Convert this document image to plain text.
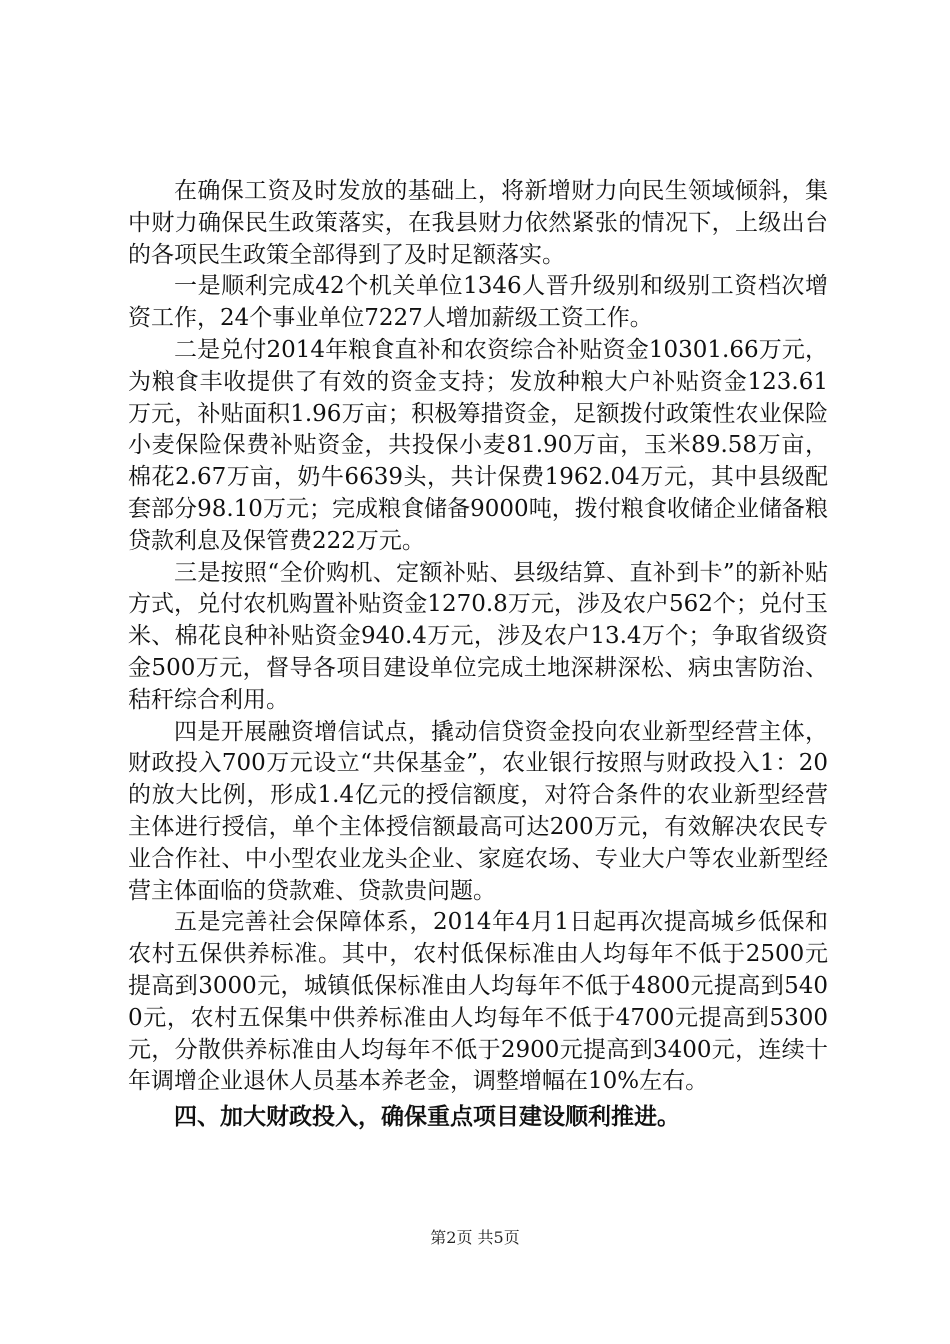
在确保工资及时发放的基础上，将新增财力向民生领域倾斜，集中财力确保民生政策落实，在我县财力依然紧张的情况下，上级出台的各项民生政策全部得到了及时足额落实。

一是顺利完成42个机关单位1346人晋升级别和级别工资档次增资工作，24个事业单位7227人增加薪级工资工作。

二是兑付2014年粮食直补和农资综合补贴资金10301.66万元，为粮食丰收提供了有效的资金支持；发放种粮大户补贴资金123.61万元，补贴面积1.96万亩；积极筹措资金，足额拨付政策性农业保险小麦保险保费补贴资金，共投保小麦81.90万亩，玉米89.58万亩，棉花2.67万亩，奶牛6639头，共计保费1962.04万元，其中县级配套部分98.10万元；完成粮食储备9000吨，拨付粮食收储企业储备粮贷款利息及保管费222万元。

三是按照“全价购机、定额补贴、县级结算、直补到卡”的新补贴方式，兑付农机购置补贴资金1270.8万元，涉及农户562个；兑付玉米、棉花良种补贴资金940.4万元，涉及农户13.4万个；争取省级资金500万元，督导各项目建设单位完成土地深耕深松、病虫害防治、秸秆综合利用。

四是开展融资增信试点，撬动信贷资金投向农业新型经营主体，财政投入700万元设立“共保基金”，农业银行按照与财政投入1：20的放大比例，形成1.4亿元的授信额度，对符合条件的农业新型经营主体进行授信，单个主体授信额最高可达200万元，有效解决农民专业合作社、中小型农业龙头企业、家庭农场、专业大户等农业新型经营主体面临的贷款难、贷款贵问题。

五是完善社会保障体系，2014年4月1日起再次提高城乡低保和农村五保供养标准。其中，农村低保标准由人均每年不低于2500元提高到3000元，城镇低保标准由人均每年不低于4800元提高到5400元，农村五保集中供养标准由人均每年不低于4700元提高到5300元，分散供养标准由人均每年不低于2900元提高到3400元，连续十年调增企业退休人员基本养老金，调整增幅在10%左右。

四、加大财政投入，确保重点项目建设顺利推进。

第2页 共5页
